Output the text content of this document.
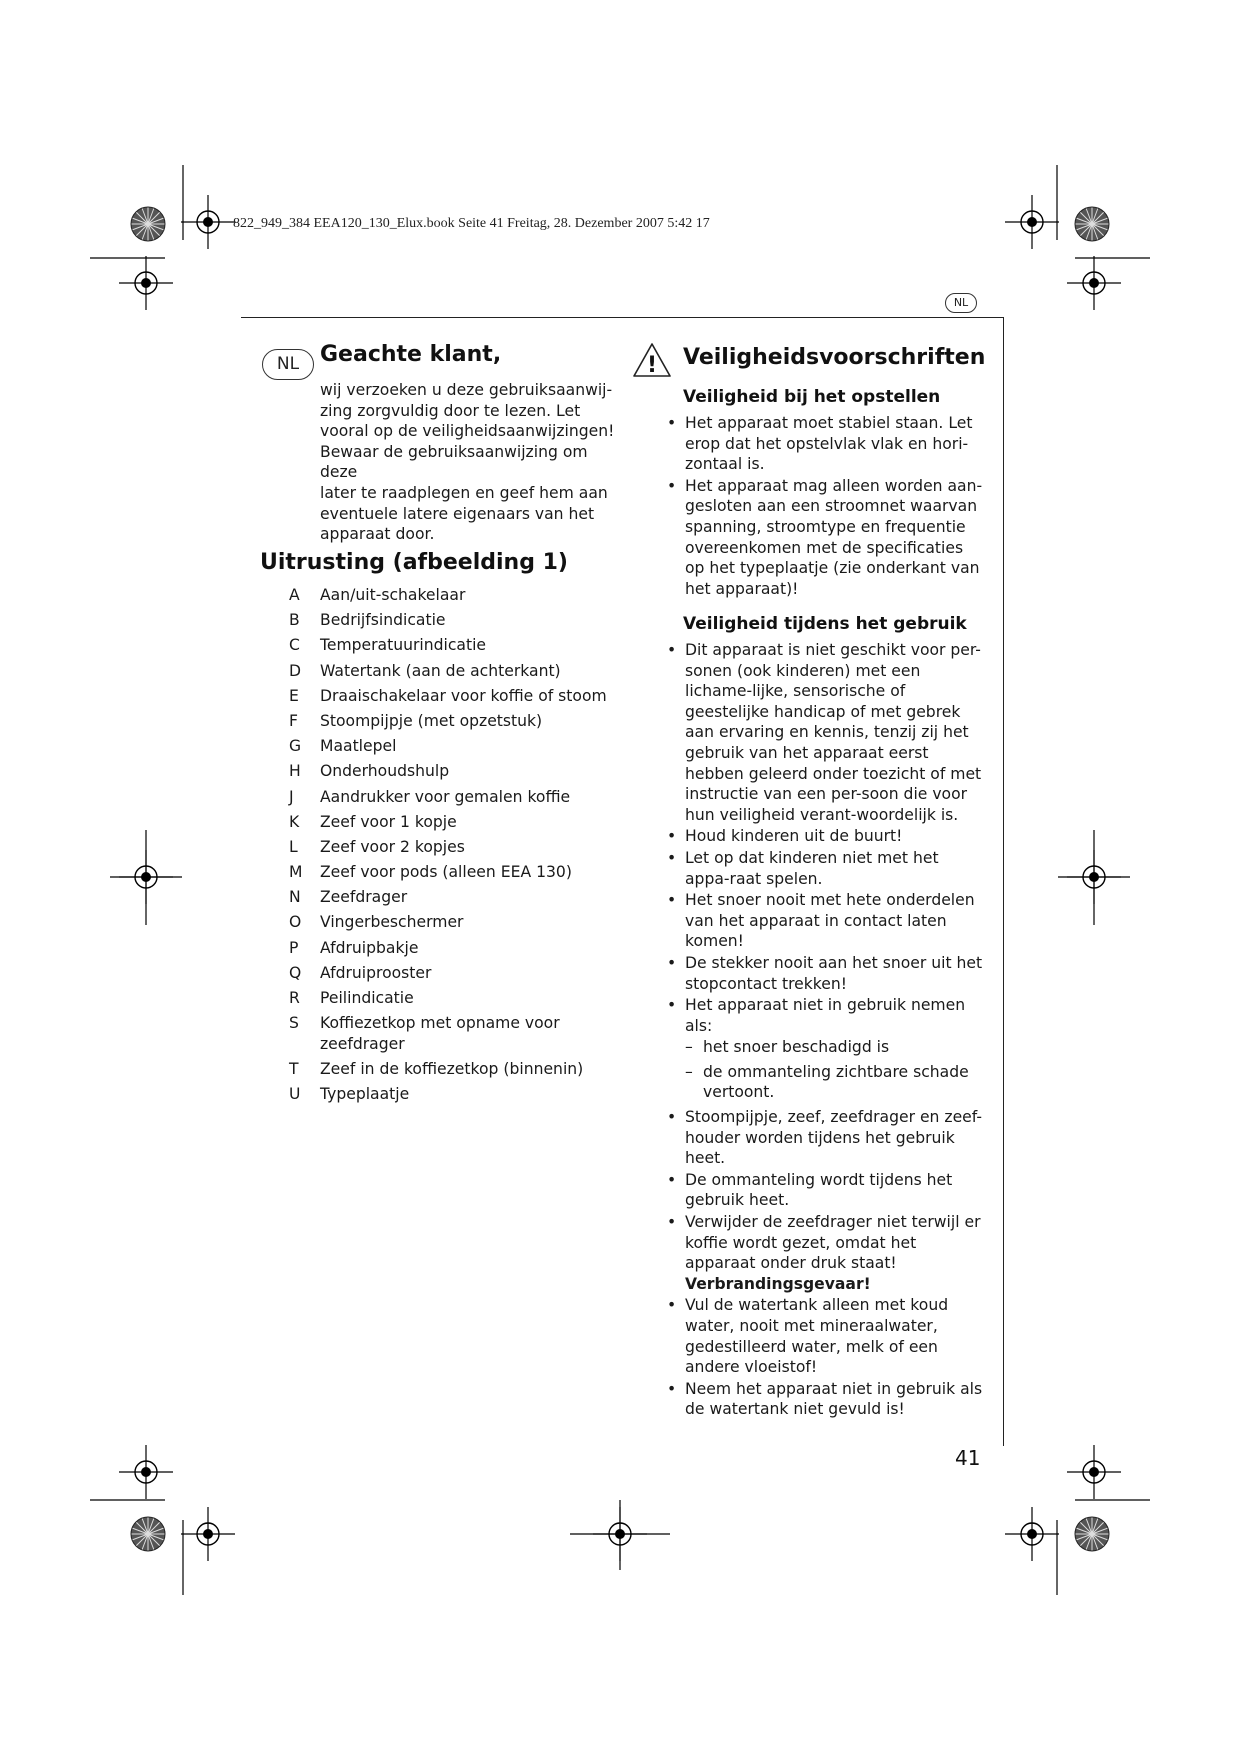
822_949_384 EEA120_130_Elux.book Seite 41 Freitag, 28. Dezember 2007 5:42 17
NL
NL Geachte klant,
wij verzoeken u deze gebruiksaanwij-
zing zorgvuldig door te lezen. Let
vooral op de veiligheidsaanwijzingen!
Bewaar de gebruiksaanwijzing om deze
later te raadplegen en geef hem aan
eventuele latere eigenaars van het
apparaat door.
Uitrusting (afbeelding 1)
A	Aan/uit-schakelaar
B	Bedrijfsindicatie
C	Temperatuurindicatie
D	Watertank (aan de achterkant)
E	Draaischakelaar voor koffie of stoom
F	Stoompijpje (met opzetstuk)
G	Maatlepel
H	Onderhoudshulp
J	Aandrukker voor gemalen koffie
K	Zeef voor 1 kopje
L	Zeef voor 2 kopjes
M	Zeef voor pods (alleen EEA 130)
N	Zeefdrager
O	Vingerbeschermer
P	Afdruipbakje
Q	Afdruiprooster
R	Peilindicatie
S	Koffiezetkop met opname voor zeefdrager
T	Zeef in de koffiezetkop (binnenin)
U	Typeplaatje
! Veiligheidsvoorschriften
Veiligheid bij het opstellen
• Het apparaat moet stabiel staan. Let erop dat het opstelvlak vlak en hori-zontaal is.
• Het apparaat mag alleen worden aan-gesloten aan een stroomnet waarvan spanning, stroomtype en frequentie overeenkomen met de specificaties op het typeplaatje (zie onderkant van het apparaat)!
Veiligheid tijdens het gebruik
• Dit apparaat is niet geschikt voor per-sonen (ook kinderen) met een lichame-lijke, sensorische of geestelijke handicap of met gebrek aan ervaring en kennis, tenzij zij het gebruik van het apparaat eerst hebben geleerd onder toezicht of met instructie van een per-soon die voor hun veiligheid verant-woordelijk is.
• Houd kinderen uit de buurt!
• Let op dat kinderen niet met het appa-raat spelen.
• Het snoer nooit met hete onderdelen van het apparaat in contact laten komen!
• De stekker nooit aan het snoer uit het stopcontact trekken!
• Het apparaat niet in gebruik nemen als:
– het snoer beschadigd is
– de ommanteling zichtbare schade vertoont.
• Stoompijpje, zeef, zeefdrager en zeef-houder worden tijdens het gebruik heet.
• De ommanteling wordt tijdens het gebruik heet.
• Verwijder de zeefdrager niet terwijl er koffie wordt gezet, omdat het apparaat onder druk staat! Verbrandingsgevaar!
• Vul de watertank alleen met koud water, nooit met mineraalwater, gedestilleerd water, melk of een andere vloeistof!
• Neem het apparaat niet in gebruik als de watertank niet gevuld is!
41
